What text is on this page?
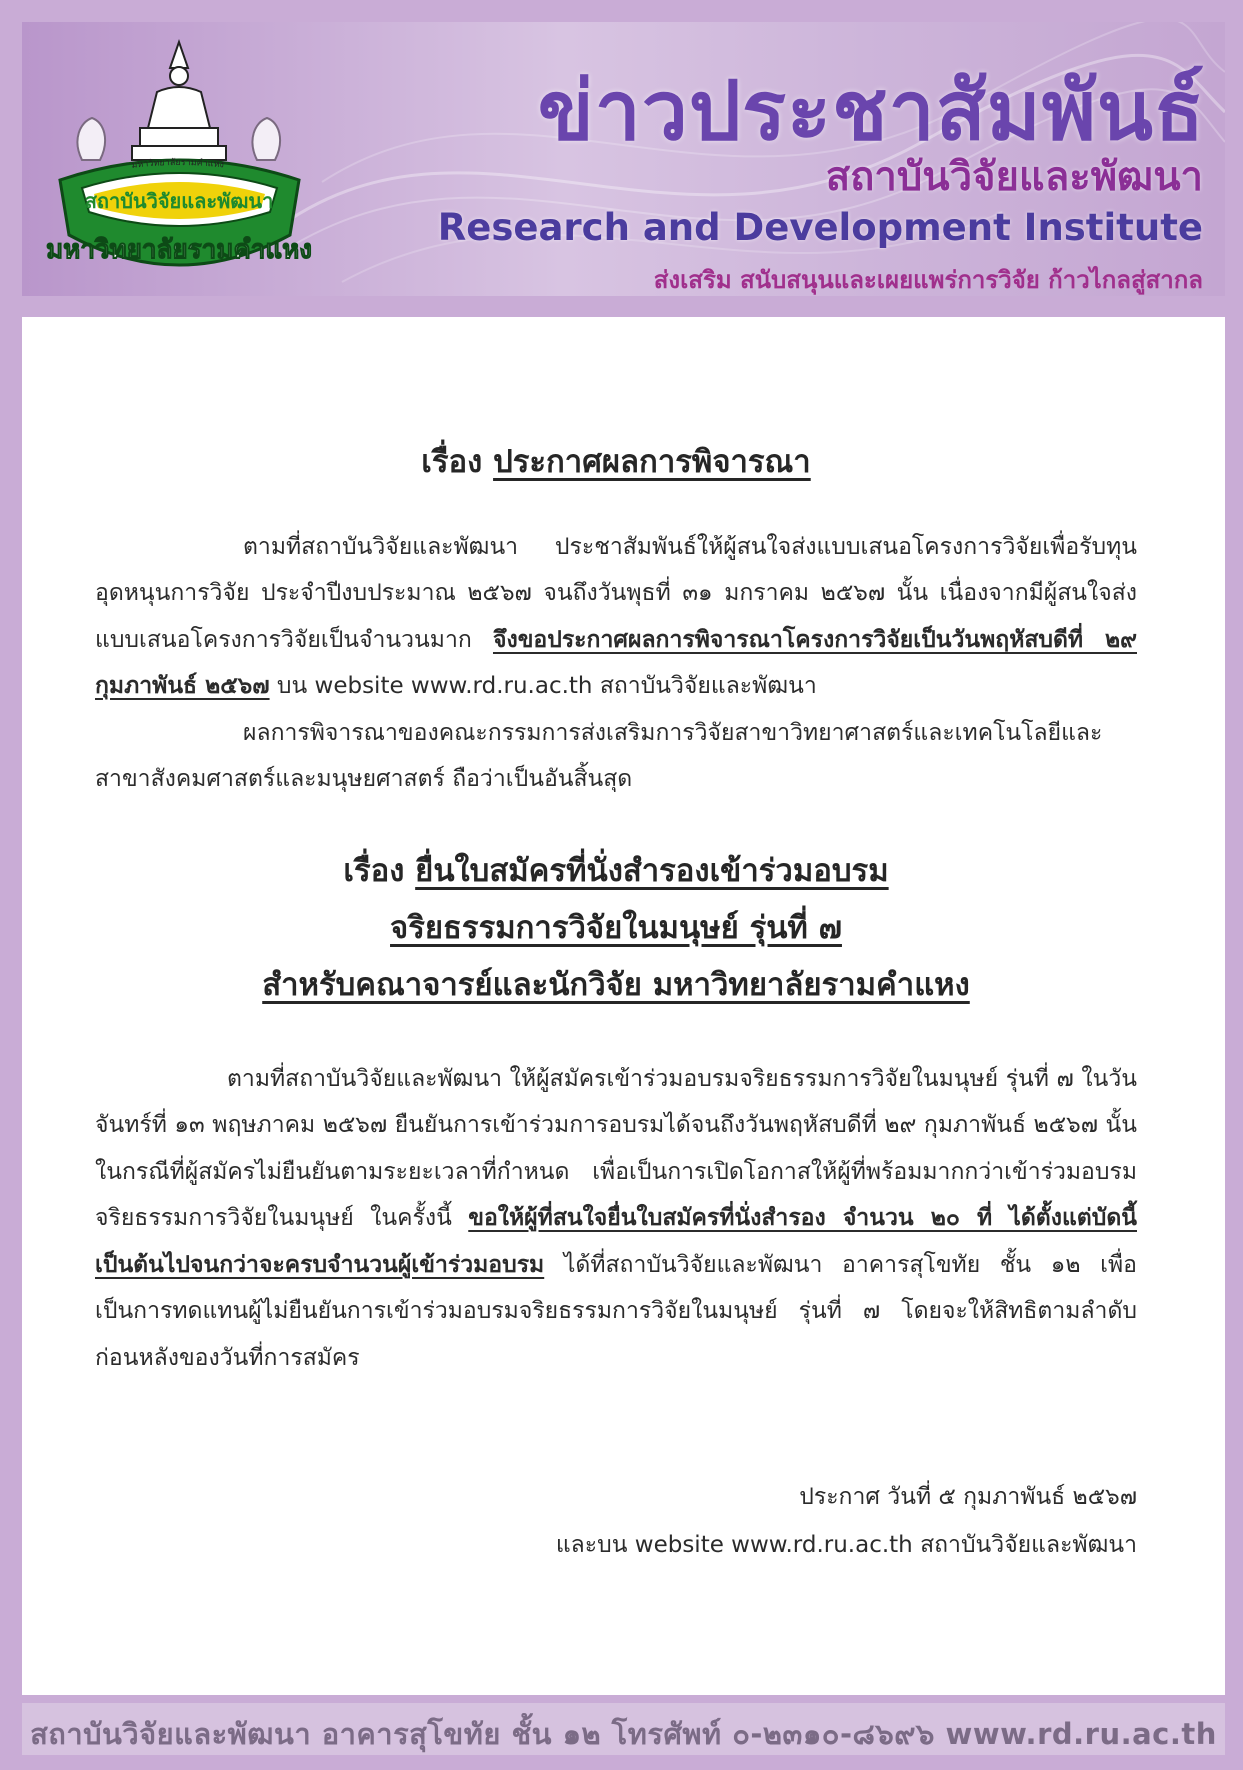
สถาบันวิจัยและพัฒนา
มหาวิทยาลัยรามคำแหง
มหาวิทยาลัยรามคำแหง
ข่าวประชาสัมพันธ์
สถาบันวิจัยและพัฒนา
Research and Development Institute
ส่งเสริม สนับสนุนและเผยแพร่การวิจัย ก้าวไกลสู่สากล
เรื่อง ประกาศผลการพิจารณา

ตามที่สถาบันวิจัยและพัฒนา ประชาสัมพันธ์ให้ผู้สนใจส่งแบบเสนอโครงการวิจัยเพื่อรับทุนอุดหนุนการวิจัย ประจำปีงบประมาณ ๒๕๖๗ จนถึงวันพุธที่ ๓๑ มกราคม ๒๕๖๗ นั้น เนื่องจากมีผู้สนใจส่งแบบเสนอโครงการวิจัยเป็นจำนวนมาก จึงขอประกาศผลการพิจารณาโครงการวิจัยเป็นวันพฤหัสบดีที่ ๒๙ กุมภาพันธ์ ๒๕๖๗ บน website www.rd.ru.ac.th สถาบันวิจัยและพัฒนา

ผลการพิจารณาของคณะกรรมการส่งเสริมการวิจัยสาขาวิทยาศาสตร์และเทคโนโลยีและสาขาสังคมศาสตร์และมนุษยศาสตร์ ถือว่าเป็นอันสิ้นสุด

เรื่อง ยื่นใบสมัครที่นั่งสำรองเข้าร่วมอบรม
จริยธรรมการวิจัยในมนุษย์ รุ่นที่ ๗
สำหรับคณาจารย์และนักวิจัย มหาวิทยาลัยรามคำแหง

ตามที่สถาบันวิจัยและพัฒนา ให้ผู้สมัครเข้าร่วมอบรมจริยธรรมการวิจัยในมนุษย์ รุ่นที่ ๗ ในวันจันทร์ที่ ๑๓ พฤษภาคม ๒๕๖๗ ยืนยันการเข้าร่วมการอบรมได้จนถึงวันพฤหัสบดีที่ ๒๙ กุมภาพันธ์ ๒๕๖๗ นั้น ในกรณีที่ผู้สมัครไม่ยืนยันตามระยะเวลาที่กำหนด เพื่อเป็นการเปิดโอกาสให้ผู้ที่พร้อมมากกว่าเข้าร่วมอบรมจริยธรรมการวิจัยในมนุษย์ ในครั้งนี้ ขอให้ผู้ที่สนใจยื่นใบสมัครที่นั่งสำรอง จำนวน ๒๐ ที่ ได้ตั้งแต่บัดนี้เป็นต้นไปจนกว่าจะครบจำนวนผู้เข้าร่วมอบรม ได้ที่สถาบันวิจัยและพัฒนา อาคารสุโขทัย ชั้น ๑๒ เพื่อเป็นการทดแทนผู้ไม่ยืนยันการเข้าร่วมอบรมจริยธรรมการวิจัยในมนุษย์ รุ่นที่ ๗ โดยจะให้สิทธิตามลำดับก่อนหลังของวันที่การสมัคร

ประกาศ วันที่ ๕ กุมภาพันธ์ ๒๕๖๗
และบน website www.rd.ru.ac.th สถาบันวิจัยและพัฒนา
สถาบันวิจัยและพัฒนา อาคารสุโขทัย ชั้น ๑๒ โทรศัพท์ ๐-๒๓๑๐-๘๖๙๖ www.rd.ru.ac.th
